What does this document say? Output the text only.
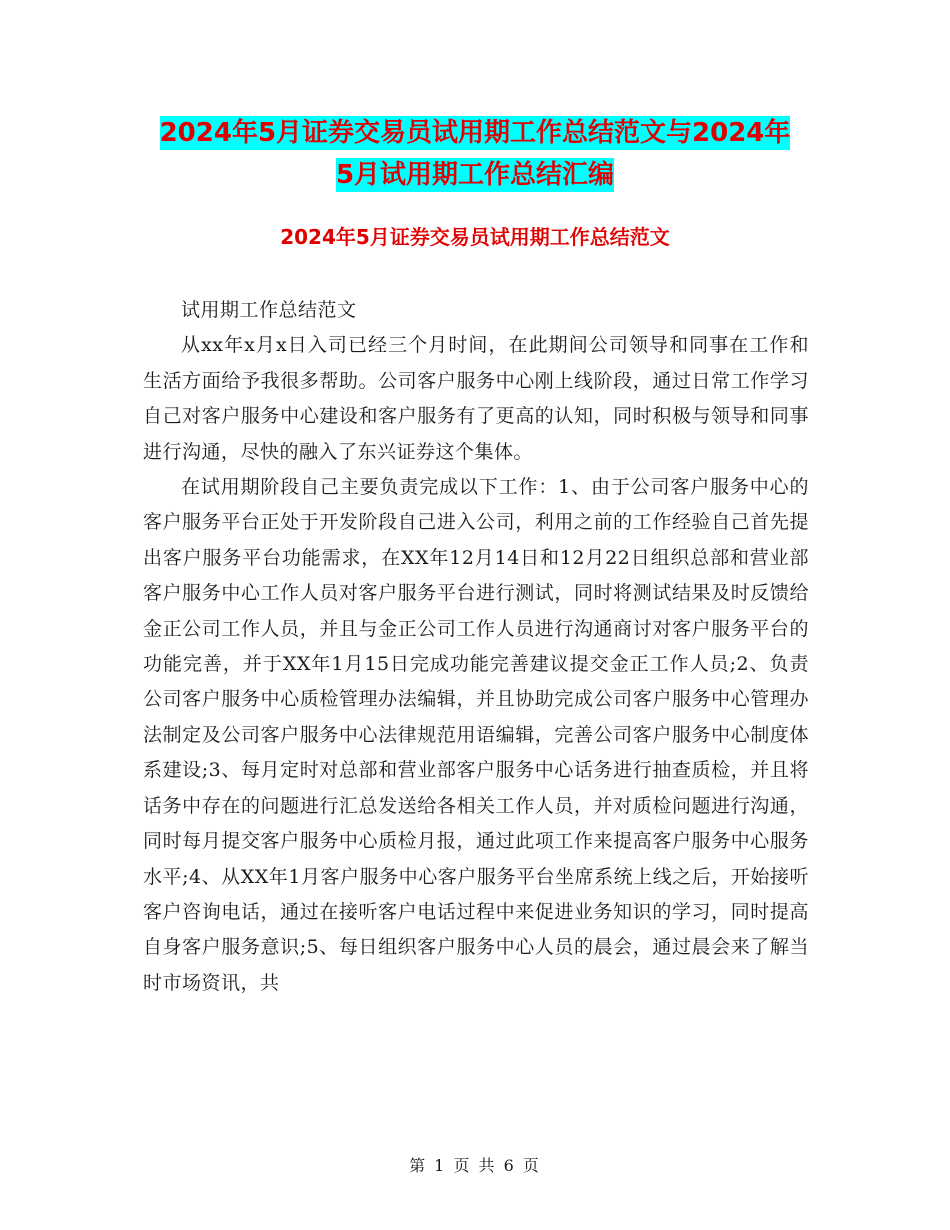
2024年5月证券交易员试用期工作总结范文与2024年
5月试用期工作总结汇编
2024年5月证券交易员试用期工作总结范文

试用期工作总结范文

从xx年x月x日入司已经三个月时间，在此期间公司领导和同事在工作和生活方面给予我很多帮助。公司客户服务中心刚上线阶段，通过日常工作学习自己对客户服务中心建设和客户服务有了更高的认知，同时积极与领导和同事进行沟通，尽快的融入了东兴证券这个集体。

在试用期阶段自己主要负责完成以下工作：1、由于公司客户服务中心的客户服务平台正处于开发阶段自己进入公司，利用之前的工作经验自己首先提出客户服务平台功能需求，在XX年12月14日和12月22日组织总部和营业部客户服务中心工作人员对客户服务平台进行测试，同时将测试结果及时反馈给金正公司工作人员，并且与金正公司工作人员进行沟通商讨对客户服务平台的功能完善，并于XX年1月15日完成功能完善建议提交金正工作人员;2、负责公司客户服务中心质检管理办法编辑，并且协助完成公司客户服务中心管理办法制定及公司客户服务中心法律规范用语编辑，完善公司客户服务中心制度体系建设;3、每月定时对总部和营业部客户服务中心话务进行抽查质检，并且将话务中存在的问题进行汇总发送给各相关工作人员，并对质检问题进行沟通，同时每月提交客户服务中心质检月报，通过此项工作来提高客户服务中心服务水平;4、从XX年1月客户服务中心客户服务平台坐席系统上线之后，开始接听客户咨询电话，通过在接听客户电话过程中来促进业务知识的学习，同时提高自身客户服务意识;5、每日组织客户服务中心人员的晨会，通过晨会来了解当时市场资讯，共

第 1 页 共 6 页
